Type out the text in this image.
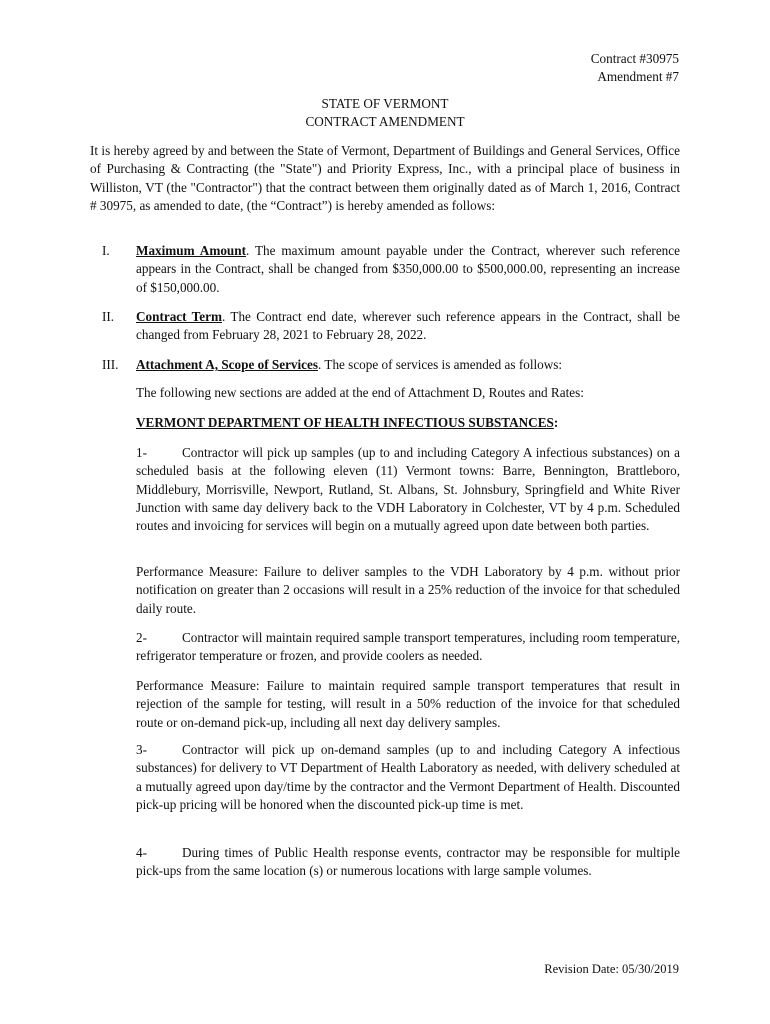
Contract #30975
Amendment #7
STATE OF VERMONT
CONTRACT AMENDMENT
It is hereby agreed by and between the State of Vermont, Department of Buildings and General Services, Office of Purchasing & Contracting (the "State") and Priority Express, Inc., with a principal place of business in Williston, VT (the "Contractor") that the contract between them originally dated as of March 1, 2016, Contract # 30975, as amended to date, (the “Contract”) is hereby amended as follows:
I. Maximum Amount. The maximum amount payable under the Contract, wherever such reference appears in the Contract, shall be changed from $350,000.00 to $500,000.00, representing an increase of $150,000.00.

II. Contract Term. The Contract end date, wherever such reference appears in the Contract, shall be changed from February 28, 2021 to February 28, 2022.

III. Attachment A, Scope of Services. The scope of services is amended as follows:

The following new sections are added at the end of Attachment D, Routes and Rates:
VERMONT DEPARTMENT OF HEALTH INFECTIOUS SUBSTANCES:

1-	Contractor will pick up samples (up to and including Category A infectious substances) on a scheduled basis at the following eleven (11) Vermont towns: Barre, Bennington, Brattleboro, Middlebury, Morrisville, Newport, Rutland, St. Albans, St. Johnsbury, Springfield and White River Junction with same day delivery back to the VDH Laboratory in Colchester, VT by 4 p.m. Scheduled routes and invoicing for services will begin on a mutually agreed upon date between both parties.

Performance Measure: Failure to deliver samples to the VDH Laboratory by 4 p.m. without prior notification on greater than 2 occasions will result in a 25% reduction of the invoice for that scheduled daily route.

2-	Contractor will maintain required sample transport temperatures, including room temperature, refrigerator temperature or frozen, and provide coolers as needed.

Performance Measure: Failure to maintain required sample transport temperatures that result in rejection of the sample for testing, will result in a 50% reduction of the invoice for that scheduled route or on-demand pick-up, including all next day delivery samples.

3-	Contractor will pick up on-demand samples (up to and including Category A infectious substances) for delivery to VT Department of Health Laboratory as needed, with delivery scheduled at a mutually agreed upon day/time by the contractor and the Vermont Department of Health. Discounted pick-up pricing will be honored when the discounted pick-up time is met.

4-	During times of Public Health response events, contractor may be responsible for multiple pick-ups from the same location (s) or numerous locations with large sample volumes.

Revision Date: 05/30/2019
